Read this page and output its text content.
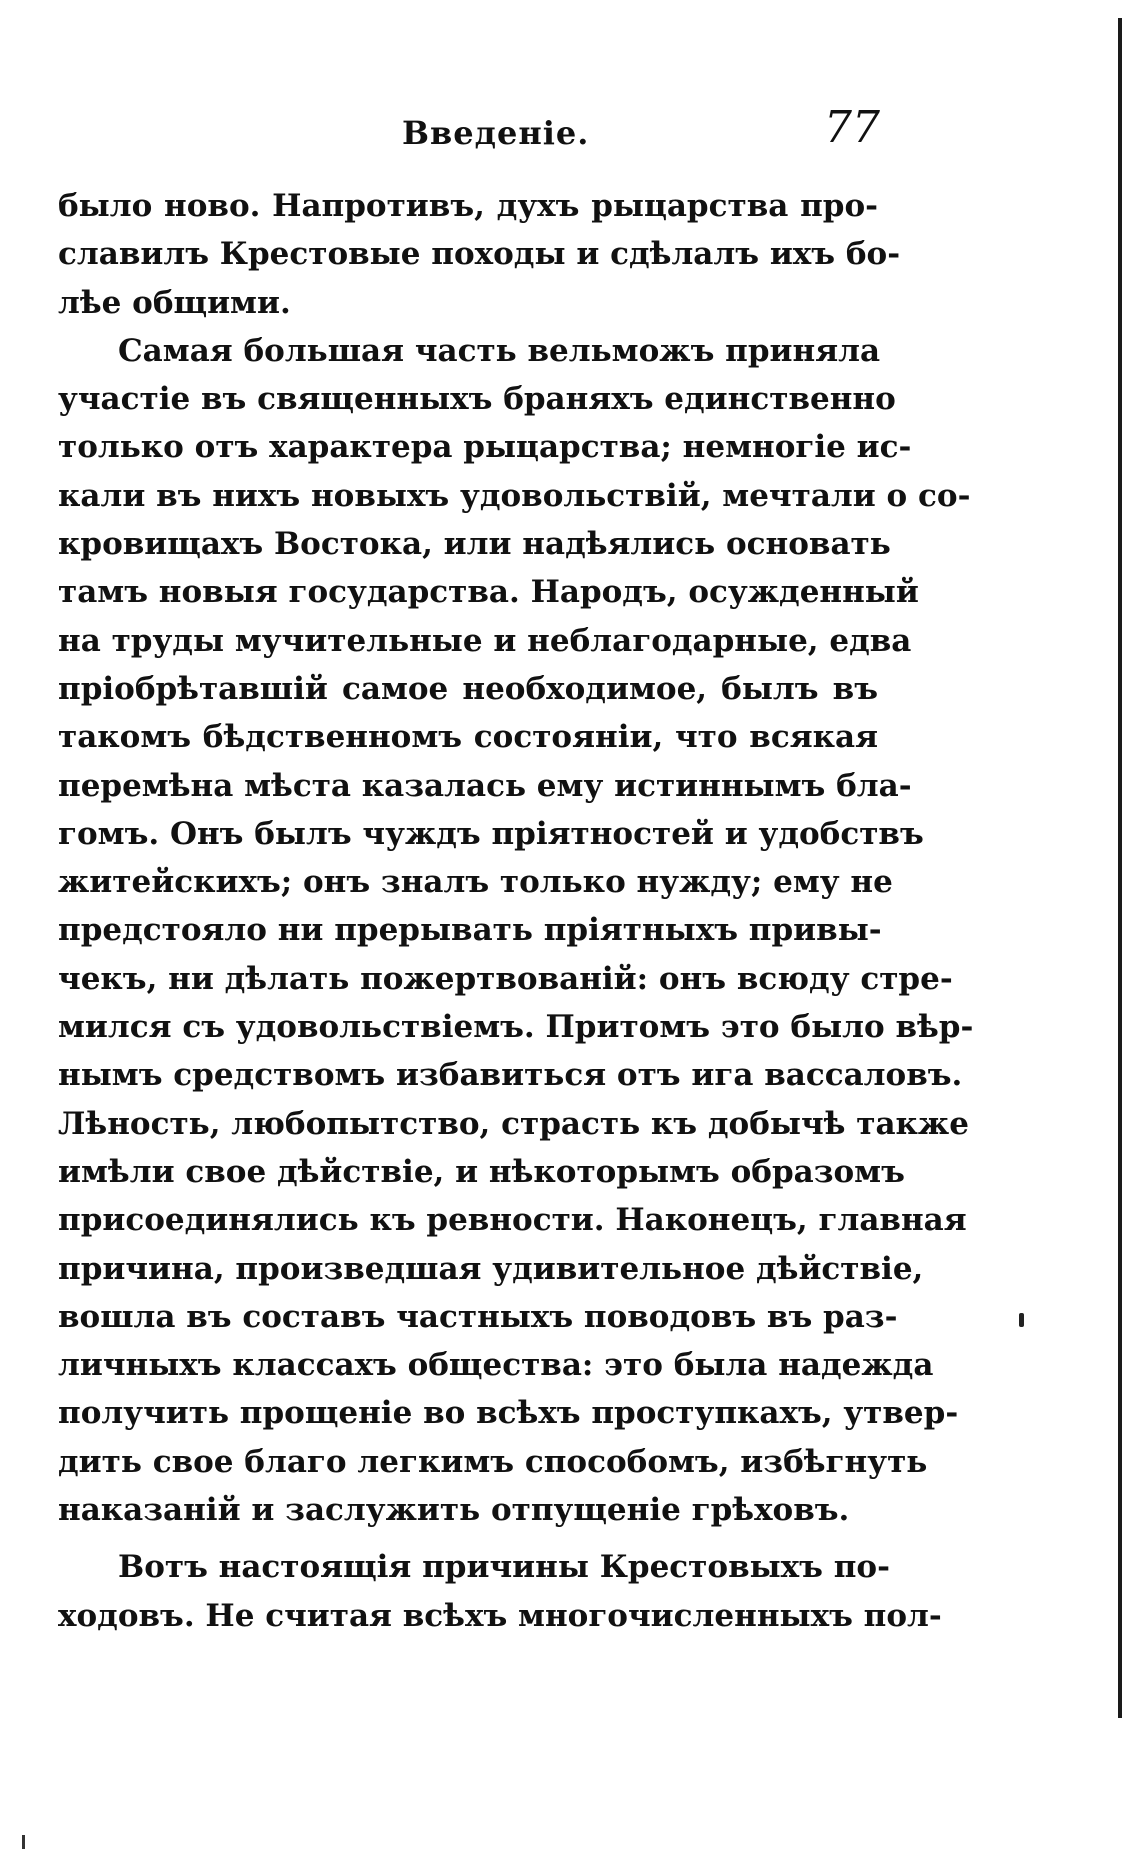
Введенiе.	77
было ново. Напротивъ, духъ рыцарства про-
славилъ Крестовые походы и сдѣлалъ ихъ бо-
лѣе общими.
Самая большая часть вельможъ приняла
участiе въ священныхъ браняхъ единственно
только отъ характера рыцарства; немногiе ис-
кали въ нихъ новыхъ удовольствiй, мечтали о со-
кровищахъ Востока, или надѣялись основать
тамъ новыя государства. Народъ, осужденный
на труды мучительные и неблагодарные, едва
прiобрѣтавшiй самое необходимое, былъ въ
такомъ бѣдственномъ состоянiи, что всякая
перемѣна мѣста казалась ему истиннымъ бла-
гомъ. Онъ былъ чуждъ прiятностей и удобствъ
житейскихъ; онъ зналъ только нужду; ему не
предстояло ни прерывать прiятныхъ привы-
чекъ, ни дѣлать пожертвованiй: онъ всюду стре-
мился съ удовольствiемъ. Притомъ это было вѣр-
нымъ средствомъ избавиться отъ ига вассаловъ.
Лѣность, любопытство, страсть къ добычѣ также
имѣли свое дѣйствiе, и нѣкоторымъ образомъ
присоединялись къ ревности. Наконецъ, главная
причина, произведшая удивительное дѣйствiе,
вошла въ составъ частныхъ поводовъ въ раз-
личныхъ классахъ общества: это была надежда
получить прощенiе во всѣхъ проступкахъ, утвер-
дить свое благо легкимъ способомъ, избѣгнуть
наказанiй и заслужить отпущенiе грѣховъ.
Вотъ настоящiя причины Крестовыхъ по-
ходовъ. Не считая всѣхъ многочисленныхъ пол-
